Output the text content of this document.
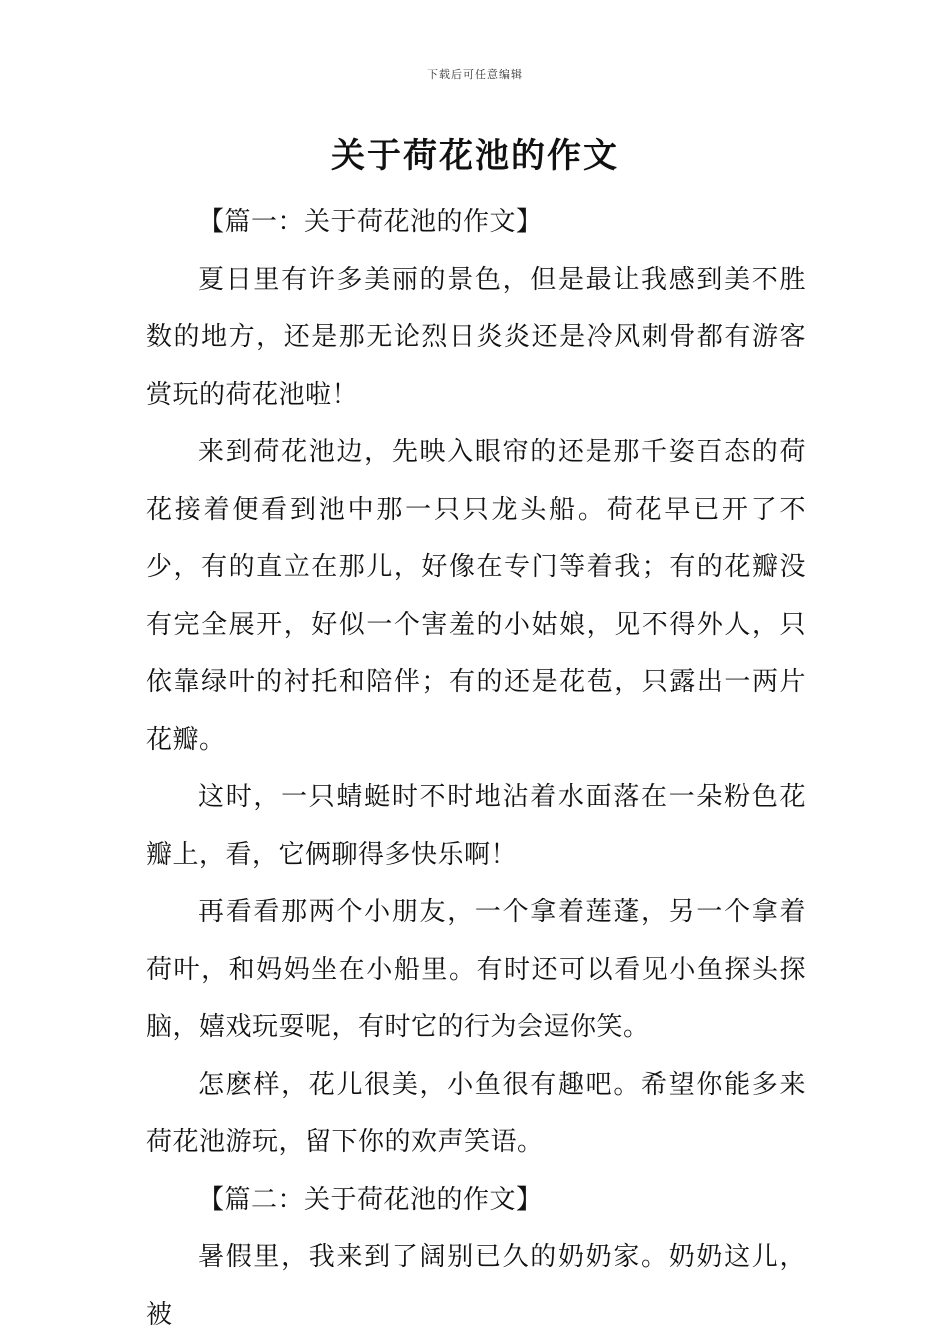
下载后可任意编辑
关于荷花池的作文

【篇一：关于荷花池的作文】

夏日里有许多美丽的景色，但是最让我感到美不胜数的地方，还是那无论烈日炎炎还是冷风刺骨都有游客赏玩的荷花池啦！

来到荷花池边，先映入眼帘的还是那千姿百态的荷花接着便看到池中那一只只龙头船。荷花早已开了不少，有的直立在那儿，好像在专门等着我；有的花瓣没有完全展开，好似一个害羞的小姑娘，见不得外人，只依靠绿叶的衬托和陪伴；有的还是花苞，只露出一两片花瓣。

这时，一只蜻蜓时不时地沾着水面落在一朵粉色花瓣上，看，它俩聊得多快乐啊！

再看看那两个小朋友，一个拿着莲蓬，另一个拿着荷叶，和妈妈坐在小船里。有时还可以看见小鱼探头探脑，嬉戏玩耍呢，有时它的行为会逗你笑。

怎麽样，花儿很美，小鱼很有趣吧。希望你能多来荷花池游玩，留下你的欢声笑语。

【篇二：关于荷花池的作文】

暑假里，我来到了阔别已久的奶奶家。奶奶这儿，被
